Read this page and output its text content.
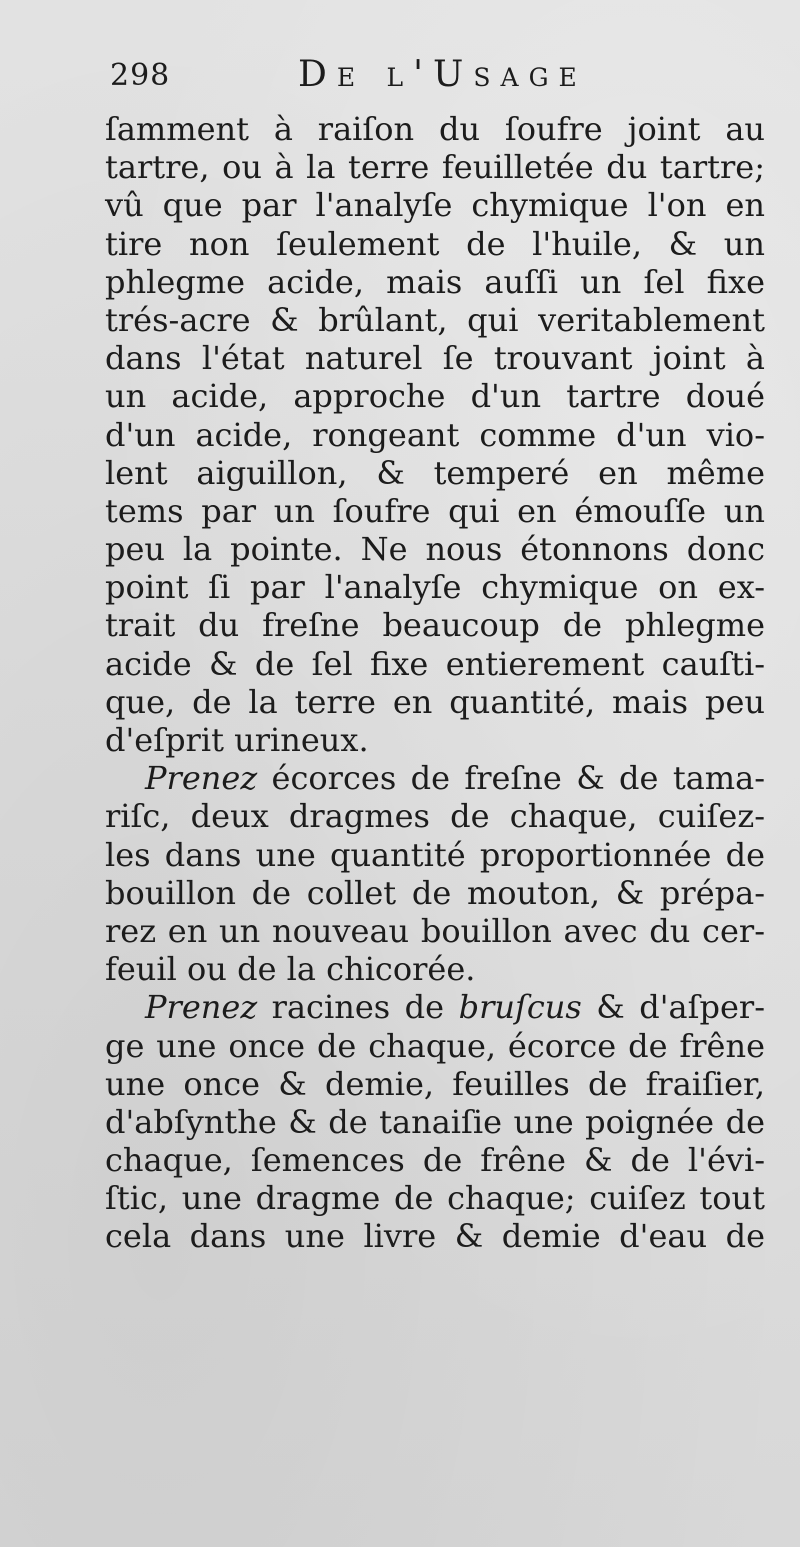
298	De l'Usage
ſamment à raiſon du ſoufre joint au
tartre, ou à la terre feuilletée du tartre;
vû que par l'analyſe chymique l'on en
tire non ſeulement de l'huile, & un
phlegme acide, mais auſſi un ſel fixe
trés-acre & brûlant, qui veritablement
dans l'état naturel ſe trouvant joint à
un acide, approche d'un tartre doué
d'un acide, rongeant comme d'un vio-
lent aiguillon, & temperé en même
tems par un ſoufre qui en émouſſe un
peu la pointe. Ne nous étonnons donc
point ſi par l'analyſe chymique on ex-
trait du freſne beaucoup de phlegme
acide & de ſel fixe entierement cauſti-
que, de la terre en quantité, mais peu
d'eſprit urineux.
Prenez écorces de freſne & de tama-
riſc, deux dragmes de chaque, cuiſez-
les dans une quantité proportionnée de
bouillon de collet de mouton, & prépa-
rez en un nouveau bouillon avec du cer-
feuil ou de la chicorée.
Prenez racines de bruſcus & d'aſper-
ge une once de chaque, écorce de frêne
une once & demie, feuilles de fraiſier,
d'abſynthe & de tanaiſie une poignée de
chaque, ſemences de frêne & de l'évi-
ſtic, une dragme de chaque; cuiſez tout
cela dans une livre & demie d'eau de
